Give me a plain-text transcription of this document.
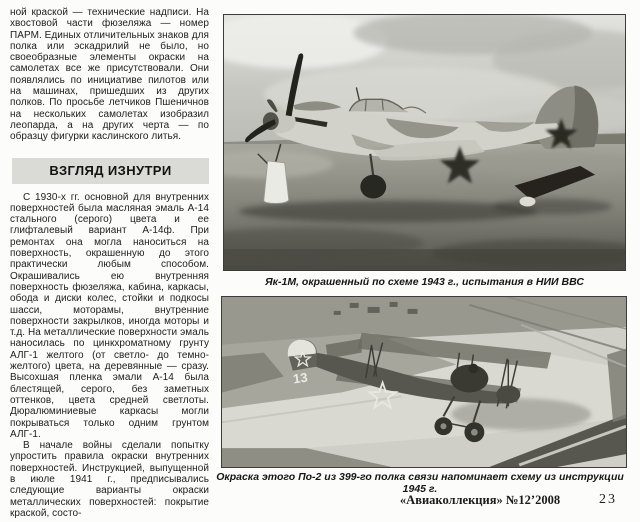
ной краской — технические надписи. На хвостовой части фюзеляжа — номер ПАРМ. Единых отличительных знаков для полка или эскадрилий не было, но своеобразные элементы окраски на самолетах все же присутствовали. Они появлялись по инициативе пилотов или на машинах, пришедших из других полков. По просьбе летчиков Пшеничнов на нескольких самолетах изобразил леопарда, а на других черта — по образцу фигурки каслинского литья.

ВЗГЛЯД ИЗНУТРИ

С 1930-х гг. основной для внутренних поверхностей была масляная эмаль А-14 стального (серого) цвета и ее глифталевый вариант А-14ф. При ремонтах она могла наноситься на поверхность, окрашенную до этого практически любым способом. Окрашивались ею внутренняя поверхность фюзеляжа, кабина, каркасы, обода и диски колес, стойки и подкосы шасси, моторамы, внутренние поверхности закрылков, иногда моторы и т.д. На металлические поверхности эмаль наносилась по цинкхроматному грунту АЛГ-1 желтого (от светло- до темно-желтого) цвета, на деревянные — сразу. Высохшая пленка эмали А-14 была блестящей, серого, без заметных оттенков, цвета средней светлоты. Дюралюминиевые каркасы могли покрываться только одним грунтом АЛГ-1.

В начале войны сделали попытку упростить правила окраски внутренних поверхностей. Инструкцией, выпущенной в июле 1941 г., предписывались следующие варианты окраски металлических поверхностей: покрытие краской, состо-

Як-1М, окрашенный по схеме 1943 г., испытания в НИИ ВВС
13
Окраска этого По-2 из 399-го полка связи напоминает схему из инструкции 1945 г.
«Авиаколлекция» №12’2008	23
